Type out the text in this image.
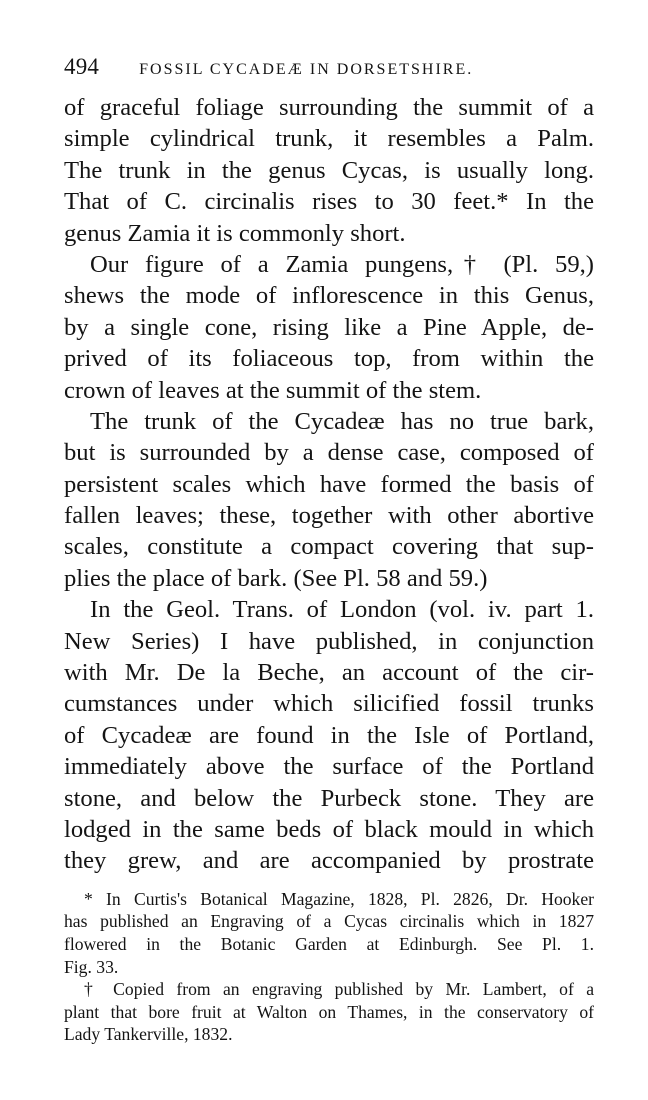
494	FOSSIL CYCADEÆ IN DORSETSHIRE.
of graceful foliage surrounding the summit of a
simple cylindrical trunk, it resembles a Palm.
The trunk in the genus Cycas, is usually long.
That of C. circinalis rises to 30 feet.* In the
genus Zamia it is commonly short.
Our figure of a Zamia pungens,† (Pl. 59,)
shews the mode of inflorescence in this Genus,
by a single cone, rising like a Pine Apple, de-
prived of its foliaceous top, from within the
crown of leaves at the summit of the stem.
The trunk of the Cycadeæ has no true bark,
but is surrounded by a dense case, composed of
persistent scales which have formed the basis of
fallen leaves; these, together with other abortive
scales, constitute a compact covering that sup-
plies the place of bark. (See Pl. 58 and 59.)
In the Geol. Trans. of London (vol. iv. part 1.
New Series) I have published, in conjunction
with Mr. De la Beche, an account of the cir-
cumstances under which silicified fossil trunks
of Cycadeæ are found in the Isle of Portland,
immediately above the surface of the Portland
stone, and below the Purbeck stone. They are
lodged in the same beds of black mould in which
they grew, and are accompanied by prostrate
* In Curtis's Botanical Magazine, 1828, Pl. 2826, Dr. Hooker
has published an Engraving of a Cycas circinalis which in 1827
flowered in the Botanic Garden at Edinburgh. See Pl. 1.
Fig. 33.
† Copied from an engraving published by Mr. Lambert, of a
plant that bore fruit at Walton on Thames, in the conservatory of
Lady Tankerville, 1832.
